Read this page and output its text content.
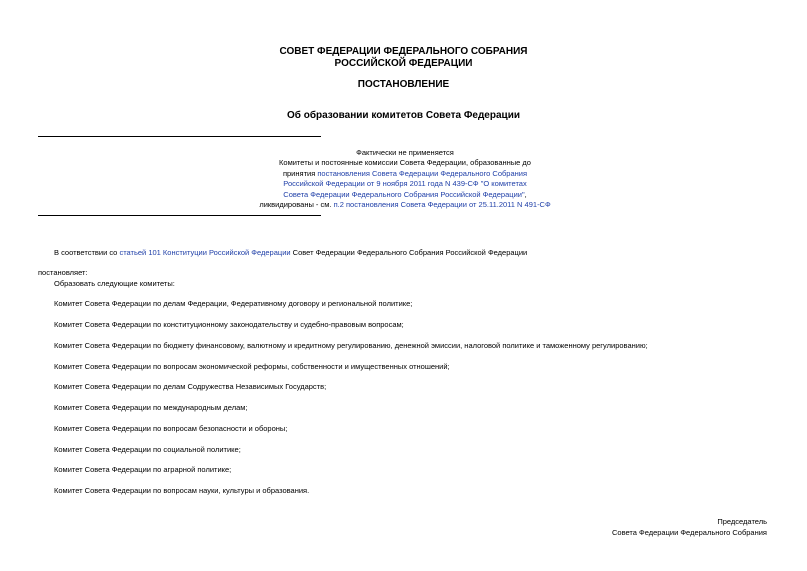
СОВЕТ ФЕДЕРАЦИИ ФЕДЕРАЛЬНОГО СОБРАНИЯ
РОССИЙСКОЙ ФЕДЕРАЦИИ
ПОСТАНОВЛЕНИЕ
Об образовании комитетов Совета Федерации
Фактически не применяется
Комитеты и постоянные комиссии Совета Федерации, образованные до
принятия постановления Совета Федерации Федерального Собрания
Российской Федерации от 9 ноября 2011 года N 439-СФ "О комитетах
Совета Федерации Федерального Собрания Российской Федерации",
ликвидированы - см. п.2 постановления Совета Федерации от 25.11.2011 N 491-СФ
В соответствии со статьей 101 Конституции Российской Федерации Совет Федерации Федерального Собрания Российской Федерации
постановляет:
Образовать следующие комитеты:
Комитет Совета Федерации по делам Федерации, Федеративному договору и региональной политике;
Комитет Совета Федерации по конституционному законодательству и судебно-правовым вопросам;
Комитет Совета Федерации по бюджету финансовому, валютному и кредитному регулированию, денежной эмиссии, налоговой политике и таможенному регулированию;
Комитет Совета Федерации по вопросам экономической реформы, собственности и имущественных отношений;
Комитет Совета Федерации по делам Содружества Независимых Государств;
Комитет Совета Федерации по международным делам;
Комитет Совета Федерации по вопросам безопасности и обороны;
Комитет Совета Федерации по социальной политике;
Комитет Совета Федерации по аграрной политике;
Комитет Совета Федерации по вопросам науки, культуры и образования.
Председатель
Совета Федерации Федерального Собрания
